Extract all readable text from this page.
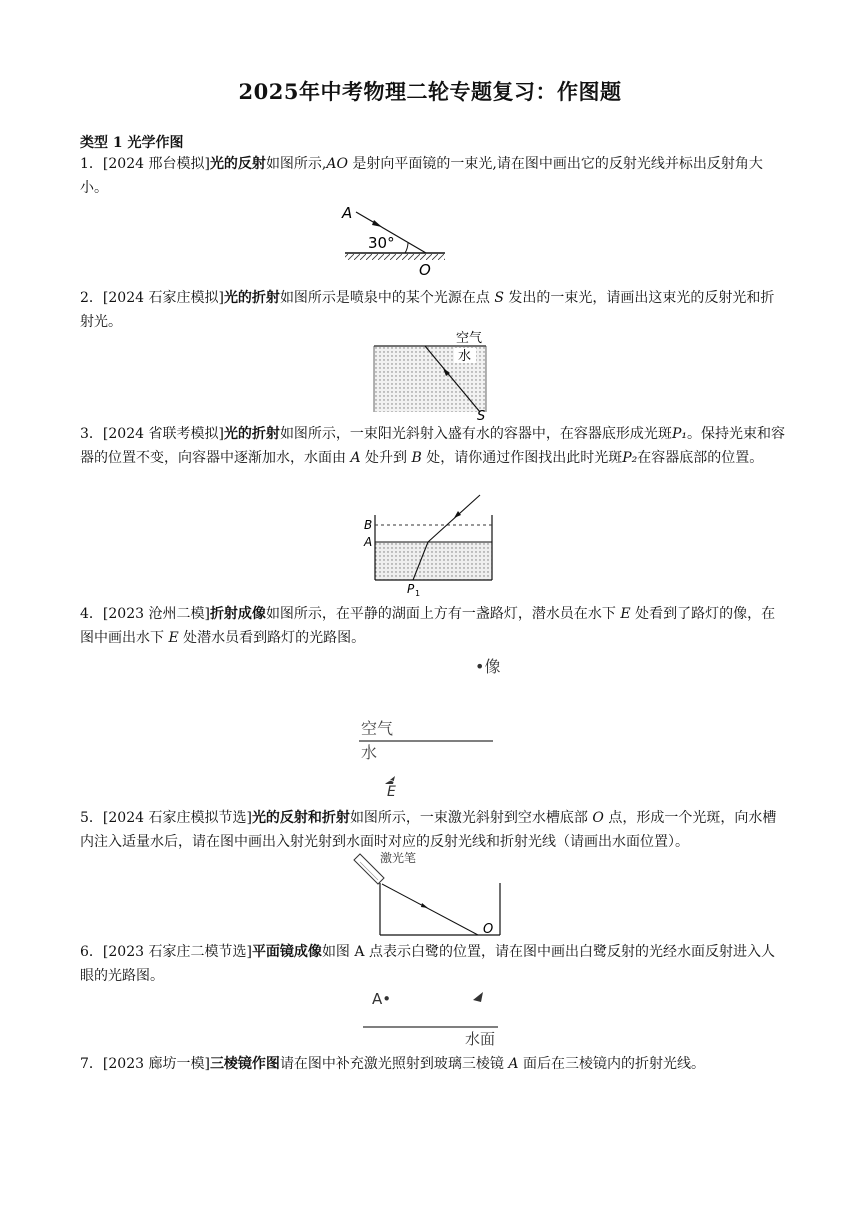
2025年中考物理二轮专题复习：作图题
类型 1 光学作图
1．[2024 邢台模拟]光的反射如图所示,AO 是射向平面镜的一束光,请在图中画出它的反射光线并标出反射角大小。
A
30°
O
2．[2024 石家庄模拟]光的折射如图所示是喷泉中的某个光源在点 S 发出的一束光，请画出这束光的反射光和折射光。
空气
水
S
3．[2024 省联考模拟]光的折射如图所示，一束阳光斜射入盛有水的容器中，在容器底形成光斑P₁。保持光束和容器的位置不变，向容器中逐渐加水，水面由 A 处升到 B 处，请你通过作图找出此时光斑P₂在容器底部的位置。
B
A
P 1
4．[2023 沧州二模]折射成像如图所示，在平静的湖面上方有一盏路灯，潜水员在水下 E 处看到了路灯的像，在图中画出水下 E 处潜水员看到路灯的光路图。
•像
空气
水
E
5．[2024 石家庄模拟节选]光的反射和折射如图所示，一束激光斜射到空水槽底部 O 点，形成一个光斑，向水槽内注入适量水后，请在图中画出入射光射到水面时对应的反射光线和折射光线（请画出水面位置）。
激光笔
O
6．[2023 石家庄二模节选]平面镜成像如图 A 点表示白鹭的位置，请在图中画出白鹭反射的光经水面反射进入人眼的光路图。
A•
水面
7．[2023 廊坊一模]三棱镜作图请在图中补充激光照射到玻璃三棱镜 A 面后在三棱镜内的折射光线。
